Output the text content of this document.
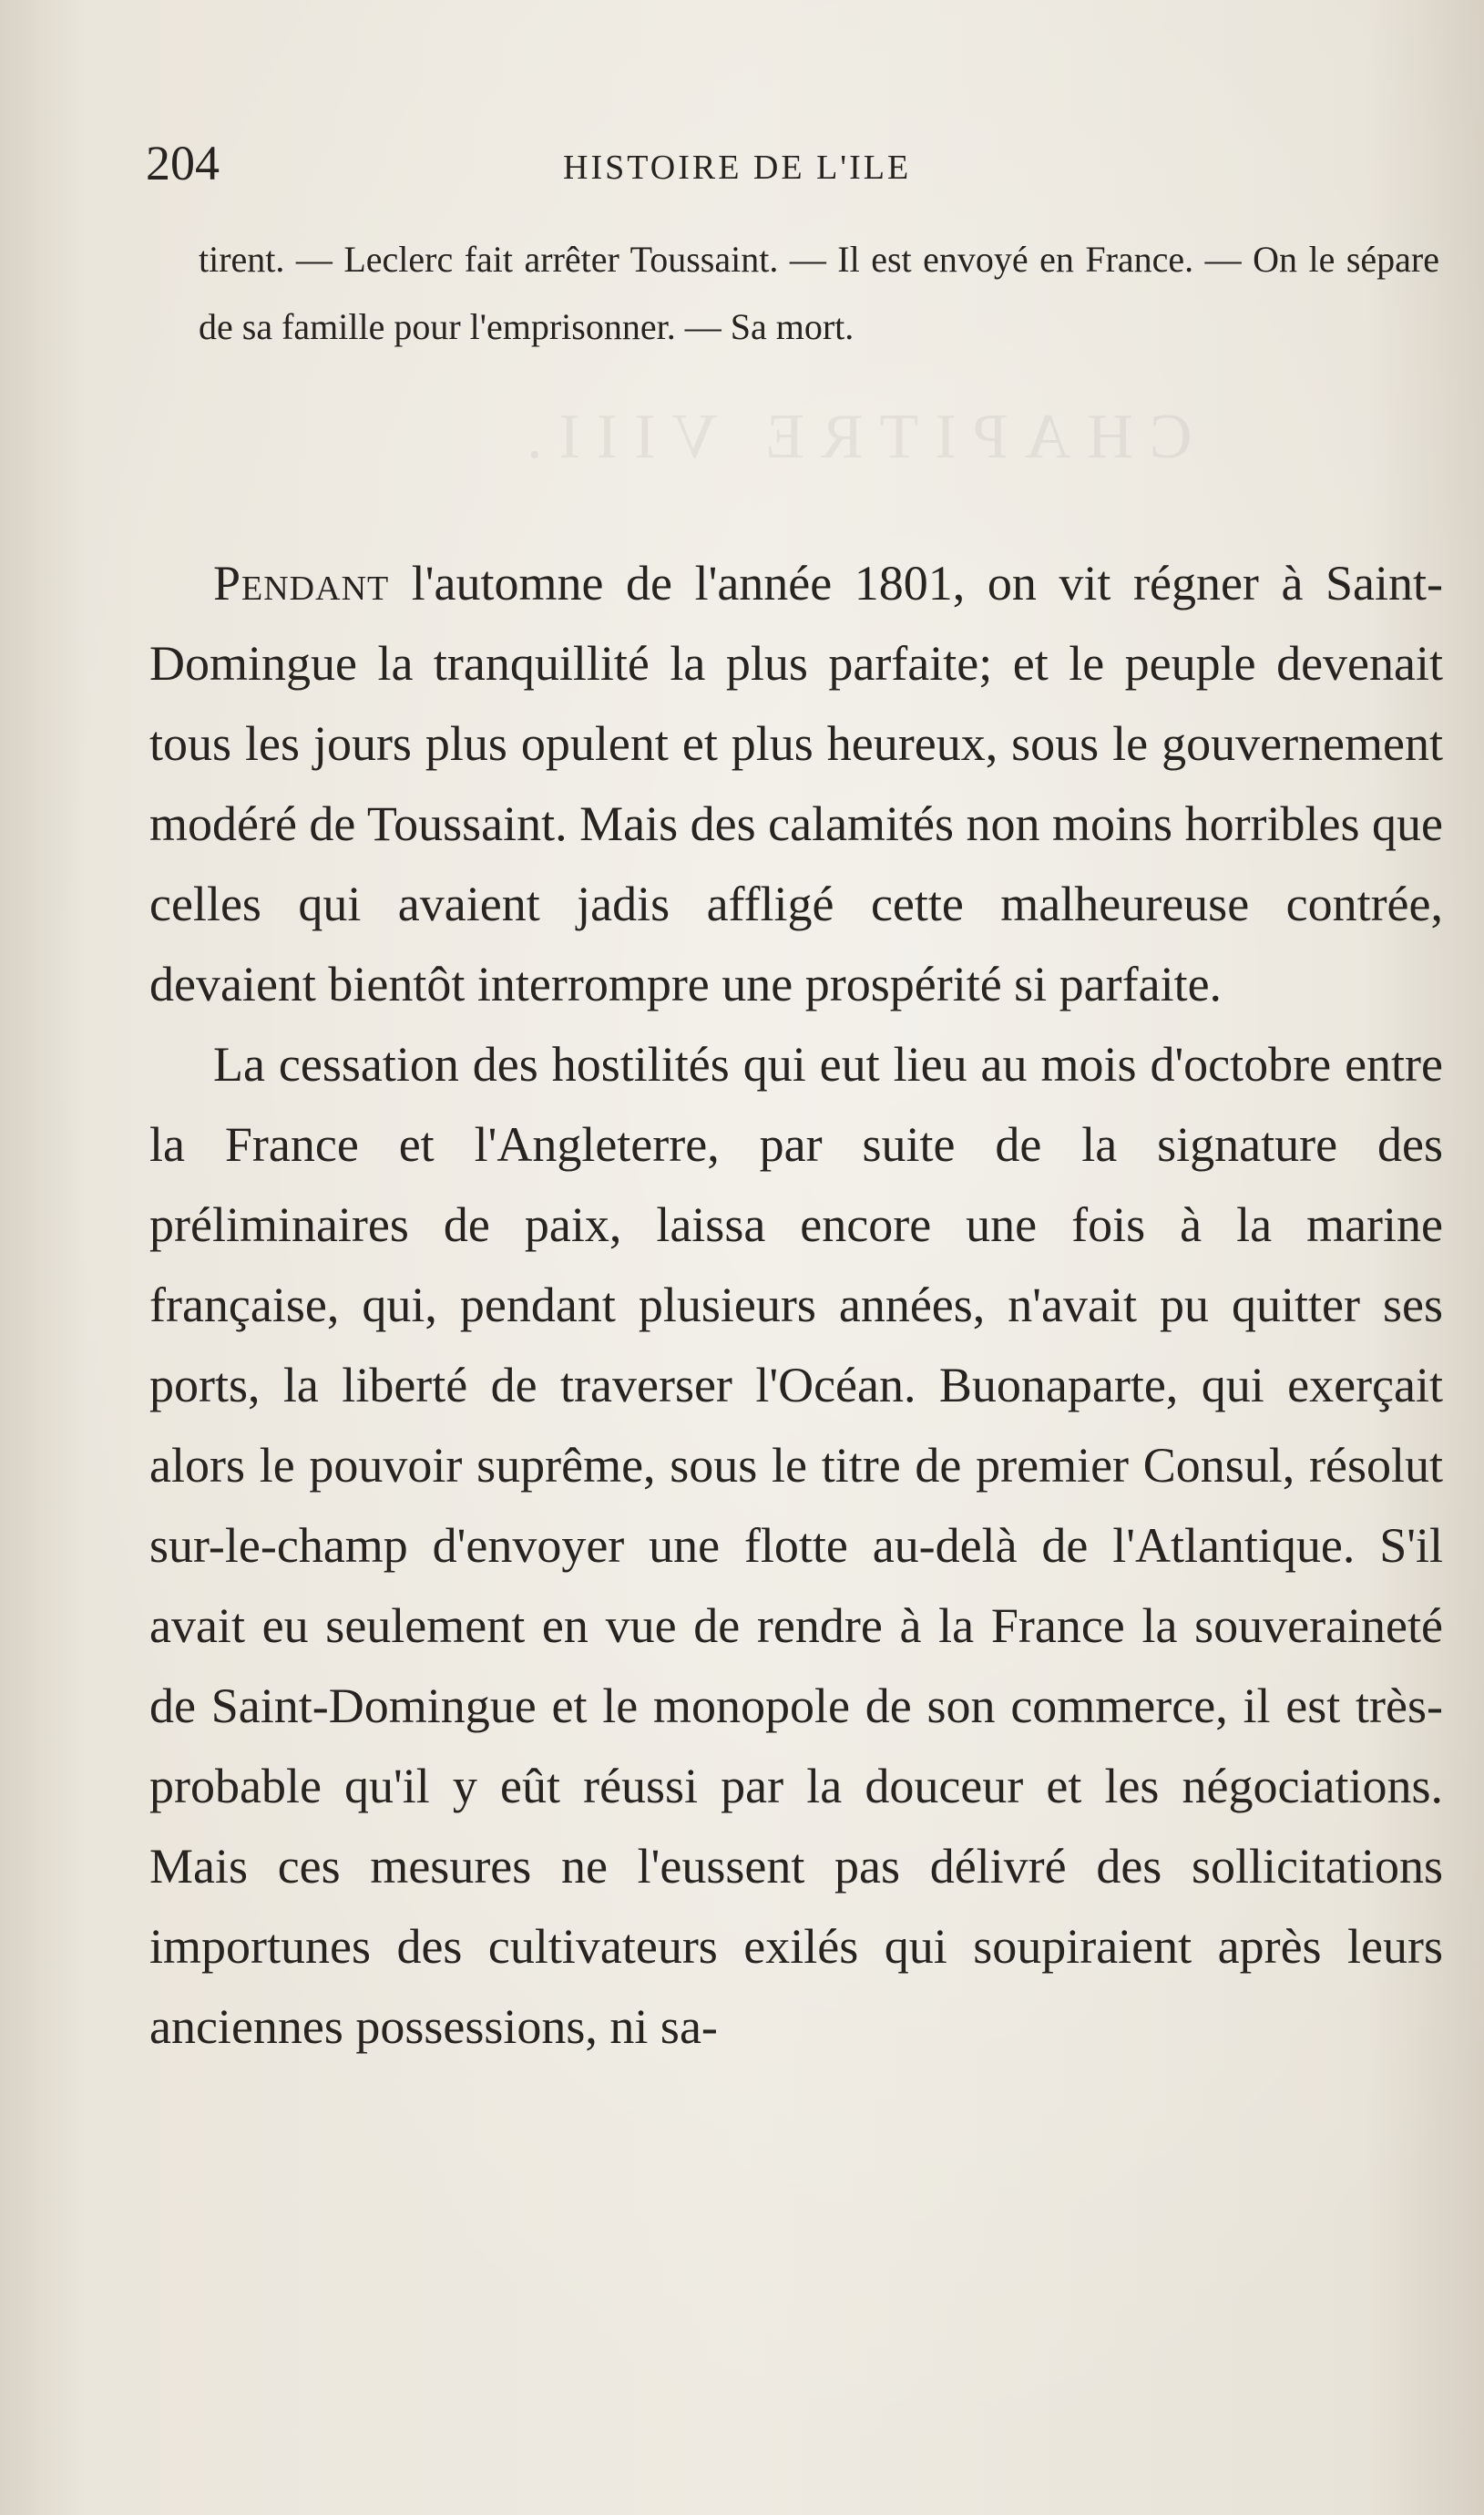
CHAPITRE VIII.
204	HISTOIRE DE L'ILE

tirent. — Leclerc fait arrêter Toussaint. — Il est envoyé en France. — On le sépare de sa famille pour l'emprisonner. — Sa mort.

Pendant l'automne de l'année 1801, on vit régner à Saint-Domingue la tranquillité la plus parfaite; et le peuple devenait tous les jours plus opulent et plus heureux, sous le gouvernement modéré de Toussaint. Mais des calamités non moins horribles que celles qui avaient jadis affligé cette malheureuse contrée, devaient bientôt interrompre une prospérité si parfaite.

La cessation des hostilités qui eut lieu au mois d'octobre entre la France et l'Angleterre, par suite de la signature des préliminaires de paix, laissa encore une fois à la marine française, qui, pendant plusieurs années, n'avait pu quitter ses ports, la liberté de traverser l'Océan. Buonaparte, qui exerçait alors le pouvoir suprême, sous le titre de premier Consul, résolut sur-le-champ d'envoyer une flotte au-delà de l'Atlantique. S'il avait eu seulement en vue de rendre à la France la souveraineté de Saint-Domingue et le monopole de son commerce, il est très-probable qu'il y eût réussi par la douceur et les négociations. Mais ces mesures ne l'eussent pas délivré des sollicitations importunes des cultivateurs exilés qui soupiraient après leurs anciennes possessions, ni sa-
